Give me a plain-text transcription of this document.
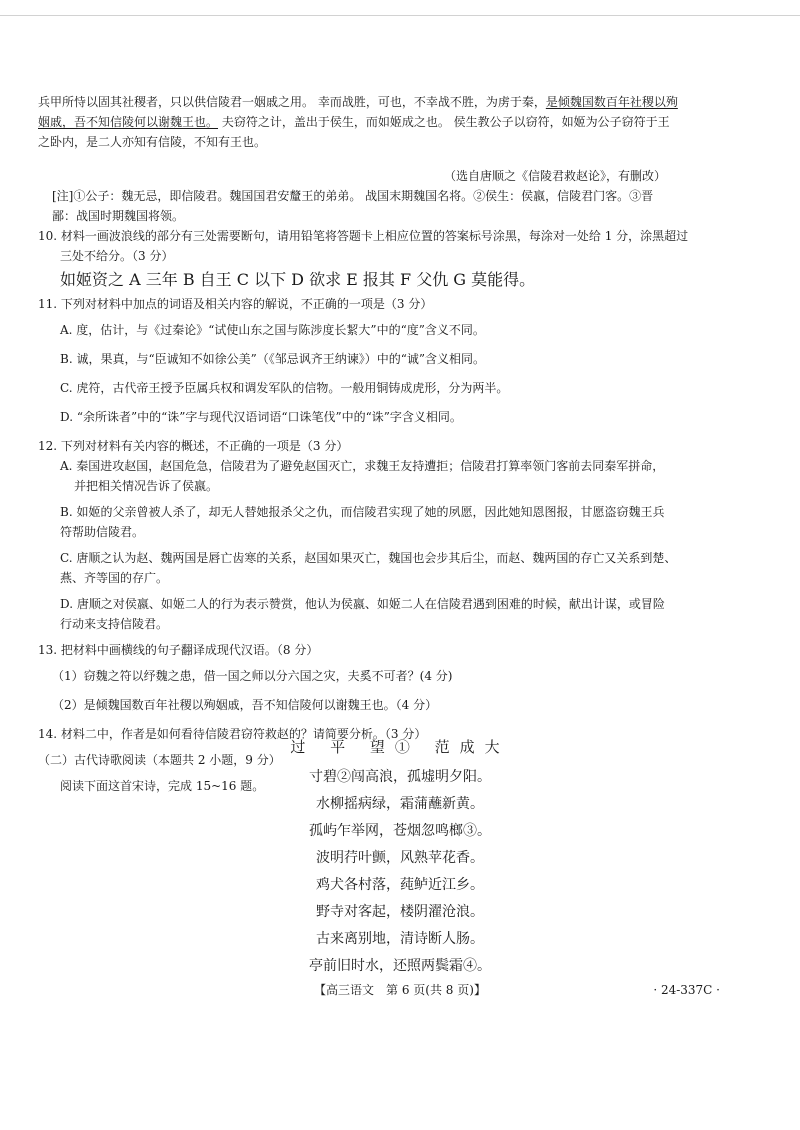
兵甲所恃以固其社稷者，只以供信陵君一姻戚之用。 幸而战胜，可也，不幸战不胜，为虏于秦，是倾魏国数百年社稷以殉
姻戚，吾不知信陵何以谢魏王也。 夫窃符之计，盖出于侯生，而如姬成之也。 侯生教公子以窃符，如姬为公子窃符于王
之卧内，是二人亦知有信陵，不知有王也。
（选自唐顺之《信陵君救赵论》，有删改）
[注]①公子：魏无忌，即信陵君。魏国国君安釐王的弟弟。 战国末期魏国名将。②侯生：侯嬴，信陵君门客。③晋
鄙：战国时期魏国将领。
10. 材料一画波浪线的部分有三处需要断句，请用铅笔将答题卡上相应位置的答案标号涂黑，每涂对一处给 1 分，涂黑超过
三处不给分。（3 分）
如姬资之 A 三年 B 自王 C 以下 D 欲求 E 报其 F 父仇 G 莫能得。
11. 下列对材料中加点的词语及相关内容的解说，不正确的一项是（3 分）
A. 度，估计，与《过秦论》“试使山东之国与陈涉度长絜大”中的“度”含义不同。
B. 诚，果真，与“臣诚知不如徐公美”（《邹忌讽齐王纳谏》）中的“诚”含义相同。
C. 虎符，古代帝王授予臣属兵权和调发军队的信物。一般用铜铸成虎形，分为两半。
D. “余所诛者”中的“诛”字与现代汉语词语“口诛笔伐”中的“诛”字含义相同。
12. 下列对材料有关内容的概述，不正确的一项是（3 分）
A. 秦国进攻赵国，赵国危急，信陵君为了避免赵国灭亡，求魏王友持遭拒；信陵君打算率领门客前去同秦军拼命，
并把相关情况告诉了侯嬴。
B. 如姬的父亲曾被人杀了，却无人替她报杀父之仇，而信陵君实现了她的夙愿，因此她知恩图报，甘愿盗窃魏王兵
符帮助信陵君。
C. 唐顺之认为赵、魏两国是唇亡齿寒的关系，赵国如果灭亡，魏国也会步其后尘，而赵、魏两国的存亡又关系到楚、
燕、齐等国的存广。
D. 唐顺之对侯嬴、如姬二人的行为表示赞赏，他认为侯嬴、如姬二人在信陵君遇到困难的时候，献出计谋，或冒险
行动来支持信陵君。
13. 把材料中画横线的句子翻译成现代汉语。（8 分）
（1）窃魏之符以纾魏之患，借一国之师以分六国之灾，夫奚不可者？(4 分)
（2）是倾魏国数百年社稷以殉姻戚，吾不知信陵何以谢魏王也。（4 分）
14. 材料二中，作者是如何看待信陵君窃符救赵的？请简要分析。（3 分）
（二）古代诗歌阅读（本题共 2 小题，9 分）
阅读下面这首宋诗，完成 15~16 题。
过 平 望① 范成大
寸碧②闯高浪，孤墟明夕阳。
水柳摇病绿，霜蒲蘸新黄。
孤屿乍举网，苍烟忽鸣榔③。
波明荇叶颤，风熟苹花香。
鸡犬各村落，莼鲈近江乡。
野寺对客起，楼阴濯沧浪。
古来离别地，清诗断人肠。
亭前旧时水，还照两鬓霜④。
【高三语文　第 6 页(共 8 页)】	· 24-337C ·
